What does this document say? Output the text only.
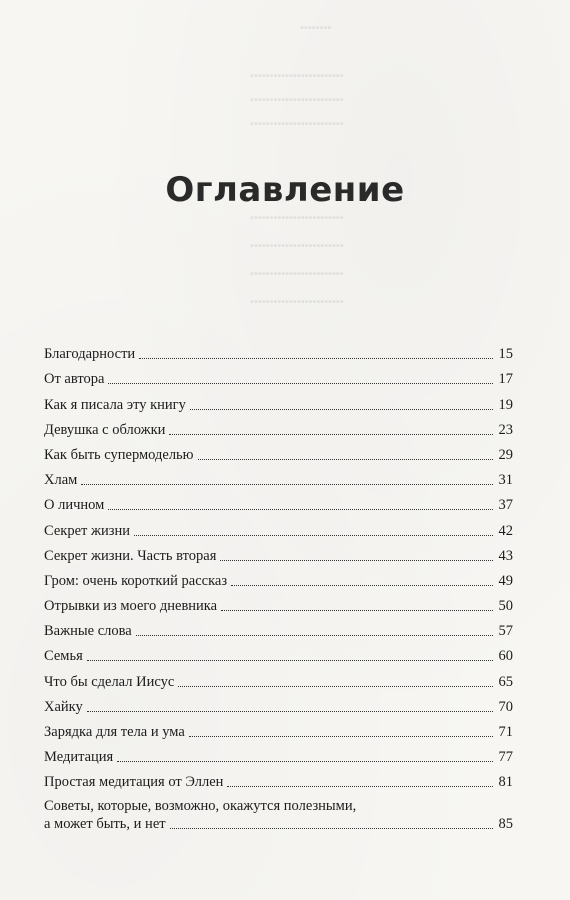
▪▪▪▪▪▪▪▪
▪▪▪▪▪▪▪▪▪▪▪▪▪▪▪▪▪▪▪▪▪▪▪▪
▪▪▪▪▪▪▪▪▪▪▪▪▪▪▪▪▪▪▪▪▪▪▪▪
▪▪▪▪▪▪▪▪▪▪▪▪▪▪▪▪▪▪▪▪▪▪▪▪
▪▪▪▪▪▪▪▪▪▪▪▪▪▪▪▪▪▪▪▪▪▪▪▪
▪▪▪▪▪▪▪▪▪▪▪▪▪▪▪▪▪▪▪▪▪▪▪▪
▪▪▪▪▪▪▪▪▪▪▪▪▪▪▪▪▪▪▪▪▪▪▪▪
▪▪▪▪▪▪▪▪▪▪▪▪▪▪▪▪▪▪▪▪▪▪▪▪
Оглавление
Благодарности	15
От автора	17
Как я писала эту книгу	19
Девушка с обложки	23
Как быть супермоделью	29
Хлам	31
О личном	37
Секрет жизни	42
Секрет жизни. Часть вторая	43
Гром: очень короткий рассказ	49
Отрывки из моего дневника	50
Важные слова	57
Семья	60
Что бы сделал Иисус	65
Хайку	70
Зарядка для тела и ума	71
Медитация	77
Простая медитация от Эллен	81
Советы, которые, возможно, окажутся полезными,
а может быть, и нет	85
